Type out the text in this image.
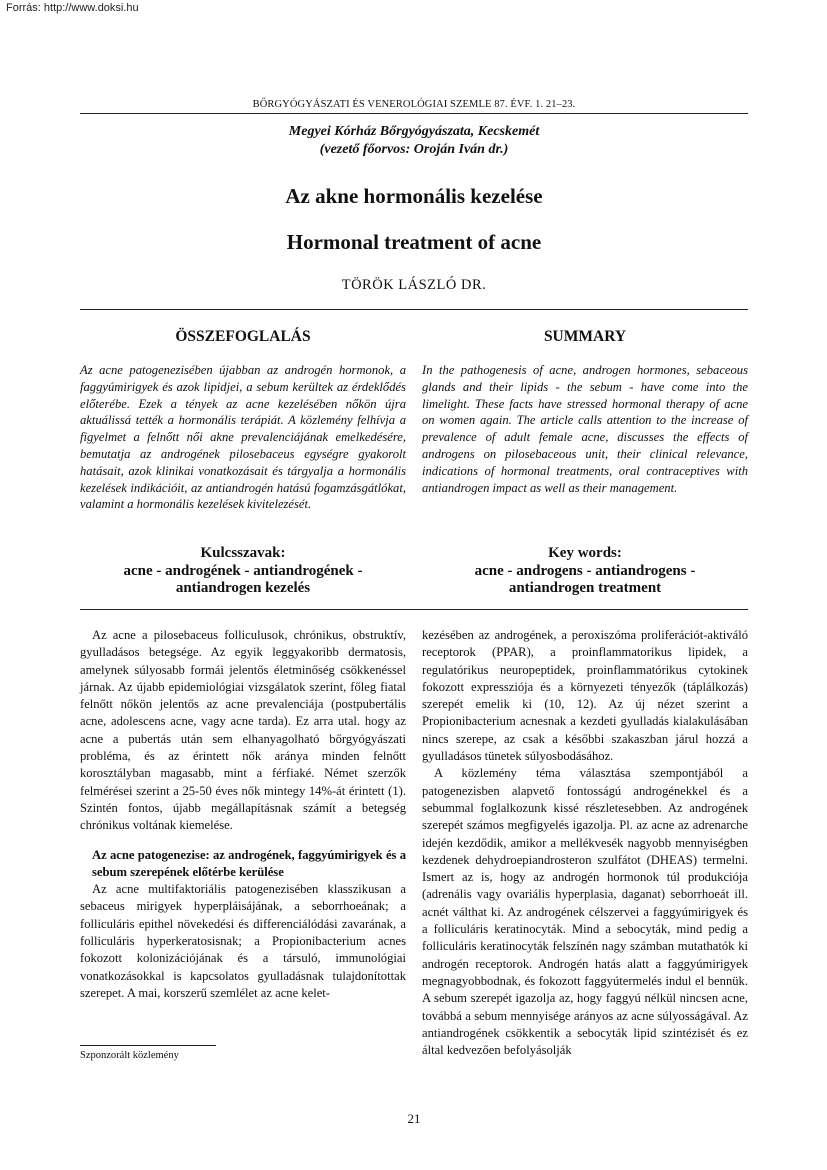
Forrás: http://www.doksi.hu
BŐRGYÓGYÁSZATI ÉS VENEROLÓGIAI SZEMLE 87. ÉVF. 1. 21–23.
Megyei Kórház Bőrgyógyászata, Kecskemét
(vezető főorvos: Oroján Iván dr.)
Az akne hormonális kezelése
Hormonal treatment of acne
TÖRÖK LÁSZLÓ DR.
ÖSSZEFOGLALÁS
Az acne patogenezisében újabban az androgén hormonok, a faggyúmirigyek és azok lipidjei, a sebum kerültek az érdeklődés előterébe. Ezek a tények az acne kezelésében nőkön újra aktuálissá tették a hormonális terápiát. A közlemény felhívja a figyelmet a felnőtt női akne prevalenciájának emelkedésére, bemutatja az androgének pilosebaceus egységre gyakorolt hatásait, azok klinikai vonatkozásait és tárgyalja a hormonális kezelések indikációit, az antiandrogén hatású fogamzásgátlókat, valamint a hormonális kezelések kivitelezését.
SUMMARY
In the pathogenesis of acne, androgen hormones, sebaceous glands and their lipids - the sebum - have come into the limelight. These facts have stressed hormonal therapy of acne on women again. The article calls attention to the increase of prevalence of adult female acne, discusses the effects of androgens on pilosebaceous unit, their clinical relevance, indications of hormonal treatments, oral contraceptives with antiandrogen impact as well as their management.
Kulcsszavak:
acne - androgének - antiandrogének -
antiandrogen kezelés
Key words:
acne - androgens - antiandrogens -
antiandrogen treatment

Az acne a pilosebaceus folliculusok, chrónikus, obstruktív, gyulladásos betegsége. Az egyik leggyakoribb dermatosis, amelynek súlyosabb formái jelentős életminőség csökkenéssel járnak. Az újabb epidemiológiai vizsgálatok szerint, főleg fiatal felnőtt nőkön jelentős az acne prevalenciája (postpubertális acne, adolescens acne, vagy acne tarda). Ez arra utal. hogy az acne a pubertás után sem elhanyagolható bőrgyógyászati probléma, és az érintett nők aránya minden felnőtt korosztályban magasabb, mint a férfiaké. Német szerzők felmérései szerint a 25-50 éves nők mintegy 14%-át érintett (1). Szintén fontos, újabb megállapításnak számít a betegség chrónikus voltának kiemelése.

Az acne patogenezise: az androgének, faggyúmirigyek és a sebum szerepének előtérbe kerülése

Az acne multifaktoriális patogenezisében klasszikusan a sebaceus mirigyek hyperpláisájának, a seborrhoeának; a folliculáris epithel növekedési és differenciálódási zavarának, a folliculáris hyperkeratosisnak; a Propionibacterium acnes fokozott kolonizációjának és a társuló, immunológiai vonatkozásokkal is kapcsolatos gyulladásnak tulajdonítottak szerepet. A mai, korszerű szemlélet az acne kelet-

kezésében az androgének, a peroxiszóma proliferációt-aktiváló receptorok (PPAR), a proinflammatorikus lipidek, a regulatórikus neuropeptidek, proinflammatórikus cytokinek fokozott expressziója és a környezeti tényezők (táplálkozás) szerepét emelik ki (10, 12). Az új nézet szerint a Propionibacterium acnesnak a kezdeti gyulladás kialakulásában nincs szerepe, az csak a későbbi szakaszban járul hozzá a gyulladásos tünetek súlyosbodásához.

A közlemény téma választása szempontjából a patogenezisben alapvető fontosságú androgénekkel és a sebummal foglalkozunk kissé részletesebben. Az androgének szerepét számos megfigyelés igazolja. Pl. az acne az adrenarche idején kezdődik, amikor a mellékvesék nagyobb mennyiségben kezdenek dehydroepiandrosteron szulfátot (DHEAS) termelni. Ismert az is, hogy az androgén hormonok túl produkciója (adrenális vagy ovariális hyperplasia, daganat) seborrhoeát ill. acnét válthat ki. Az androgének célszervei a faggyúmirigyek és a folliculáris keratinocyták. Mind a sebocyták, mind pedig a folliculáris keratinocyták felszínén nagy számban mutathatók ki androgén receptorok. Androgén hatás alatt a faggyúmirigyek megnagyobbodnak, és fokozott faggyútermelés indul el bennük. A sebum szerepét igazolja az, hogy faggyú nélkül nincsen acne, továbbá a sebum mennyisége arányos az acne súlyosságával. Az antiandrogének csökkentik a sebocyták lipid szintézisét és ez által kedvezően befolyásolják

Szponzorált közlemény
21
